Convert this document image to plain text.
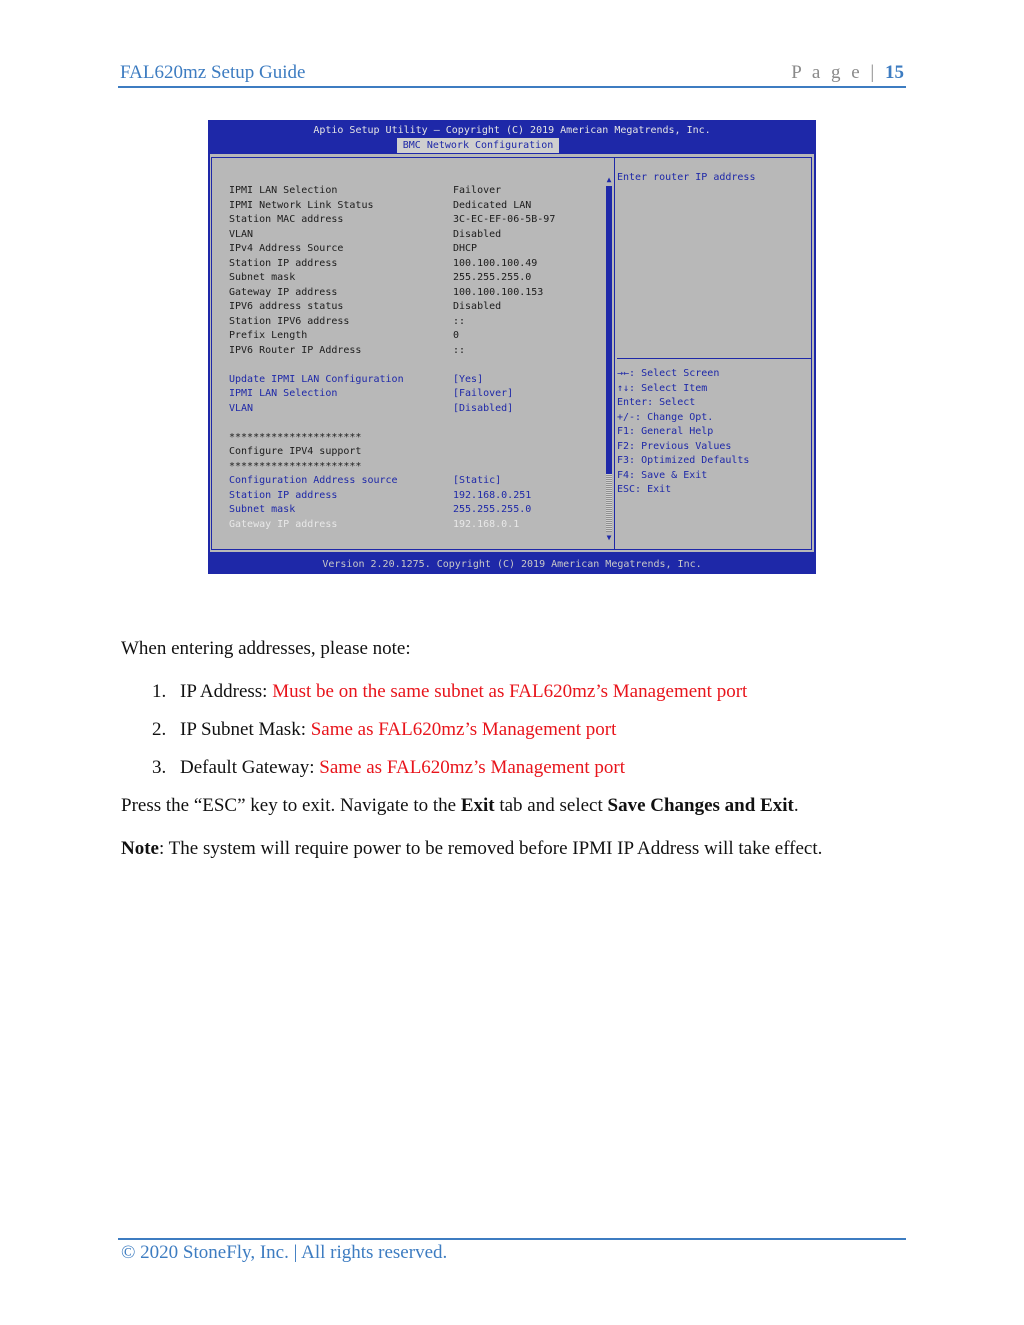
FAL620mz Setup Guide	P a g e | 15
Aptio Setup Utility – Copyright (C) 2019 American Megatrends, Inc.
BMC Network Configuration
IPMI LAN Selection	Failover
IPMI Network Link Status	Dedicated LAN
Station MAC address	3C-EC-EF-06-5B-97
VLAN	Disabled
IPv4 Address Source	DHCP
Station IP address	100.100.100.49
Subnet mask	255.255.255.0
Gateway IP address	100.100.100.153
IPV6 address status	Disabled
Station IPV6 address	::
Prefix Length	0
IPV6 Router IP Address	::
Update IPMI LAN Configuration	[Yes]
IPMI LAN Selection	[Failover]
VLAN	[Disabled]
**********************
Configure IPV4 support
**********************
Configuration Address source	[Static]
Station IP address	192.168.0.251
Subnet mask	255.255.255.0
Gateway IP address	192.168.0.1
▲
▼
Enter router IP address
→←: Select Screen
↑↓: Select Item
Enter: Select
+/-: Change Opt.
F1: General Help
F2: Previous Values
F3: Optimized Defaults
F4: Save & Exit
ESC: Exit
Version 2.20.1275. Copyright (C) 2019 American Megatrends, Inc.
When entering addresses, please note:
1. IP Address: Must be on the same subnet as FAL620mz’s Management port
2. IP Subnet Mask: Same as FAL620mz’s Management port
3. Default Gateway: Same as FAL620mz’s Management port
Press the “ESC” key to exit. Navigate to the Exit tab and select Save Changes and Exit.
Note: The system will require power to be removed before IPMI IP Address will take effect.
© 2020 StoneFly, Inc. | All rights reserved.
